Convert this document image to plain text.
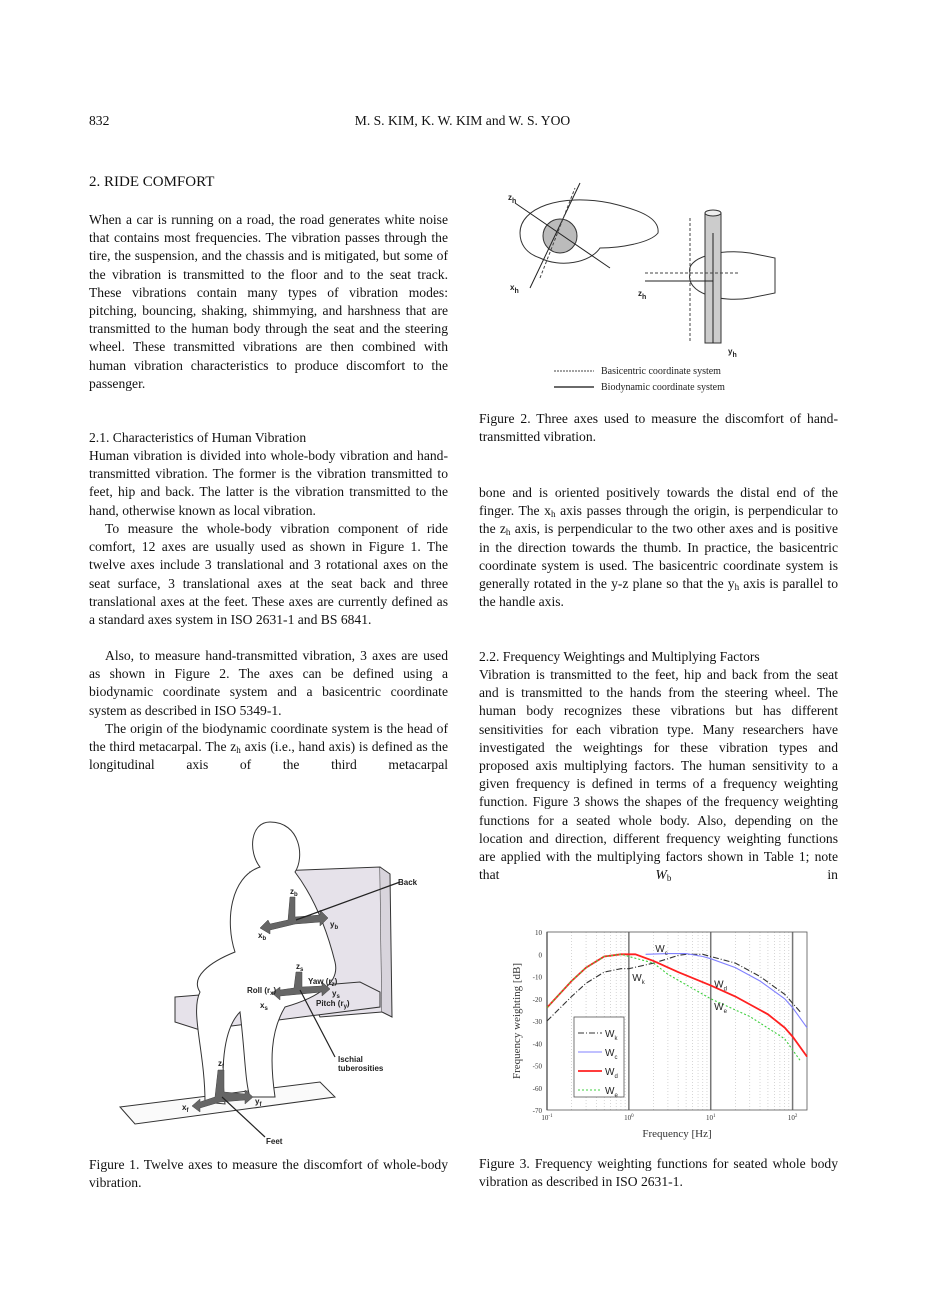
832	M. S. KIM, K. W. KIM and W. S. YOO
2. RIDE COMFORT
When a car is running on a road, the road generates white noise that contains most frequencies. The vibration passes through the tire, the suspension, and the chassis and is mitigated, but some of the vibration is transmitted to the floor and to the seat track. These vibrations contain many types of vibration modes: pitching, bouncing, shaking, shimmying, and harshness that are transmitted to the human body through the seat and the steering wheel. These transmitted vibrations are then combined with human vibration characteristics to produce discomfort to the passenger.
2.1. Characteristics of Human Vibration
Human vibration is divided into whole-body vibration and hand-transmitted vibration. The former is the vibration transmitted to feet, hip and back. The latter is the vibration transmitted to the hand, otherwise known as local vibration.
To measure the whole-body vibration component of ride comfort, 12 axes are usually used as shown in Figure 1. The twelve axes include 3 translational and 3 rotational axes on the seat surface, 3 translational axes at the seat back and three translational axes at the feet. These axes are currently defined as a standard axes system in ISO 2631-1 and BS 6841.
Also, to measure hand-transmitted vibration, 3 axes are used as shown in Figure 2. The axes can be defined using a biodynamic coordinate system and a basicentric coordinate system as described in ISO 5349-1.
The origin of the biodynamic coordinate system is the head of the third metacarpal. The $z_h$ axis (i.e., hand axis) is defined as the longitudinal axis of the third metacarpal
Back
$z_b$
$y_b$
$x_b$
$z_s$
Yaw $(r_z)$
Roll $(r_x)$
$x_s$
$y_s$
Pitch $(r_y)$
Ischial
tuberosities
$z_f$
$y_f$
$x_f$
Feet
Figure 1. Twelve axes to measure the discomfort of whole-body vibration.
zh
xh	zh
yh
Basicentric coordinate system
Biodynamic coordinate system
Figure 2. Three axes used to measure the discomfort of hand-transmitted vibration.
bone and is oriented positively towards the distal end of the finger. The $x_h$ axis passes through the origin, is perpendicular to the $z_h$ axis, is perpendicular to the two other axes and is positive in the direction towards the thumb. In practice, the basicentric coordinate system is used. The basicentric coordinate system is generally rotated in the y-z plane so that the $y_h$ axis is parallel to the handle axis.
2.2. Frequency Weightings and Multiplying Factors
Vibration is transmitted to the feet, hip and back from the seat and is transmitted to the hands from the steering wheel. The human body recognizes these vibrations but has different sensitivities for each vibration type. Many researchers have investigated the weightings for these vibration types and proposed axis multiplying factors. The human sensitivity to a given frequency is defined in terms of a frequency weighting function. Figure 3 shows the shapes of the frequency weighting functions for a seated whole body. Also, depending on the location and direction, different frequency weighting functions are applied with the multiplying factors shown in Table 1; note that $W_b$ in
10
0
-10
-20
-30
-40
-50
-60
-70
$10^{-1}$	$10^0$	$10^1$	$10^2$
Frequency [Hz]
Frequency weighting [dB]	$W_k$
$W_c$
$W_d$
$W_e$
$W_c$
$W_k$	$W_d$
$W_e$
Figure 3. Frequency weighting functions for seated whole body vibration as described in ISO 2631-1.
